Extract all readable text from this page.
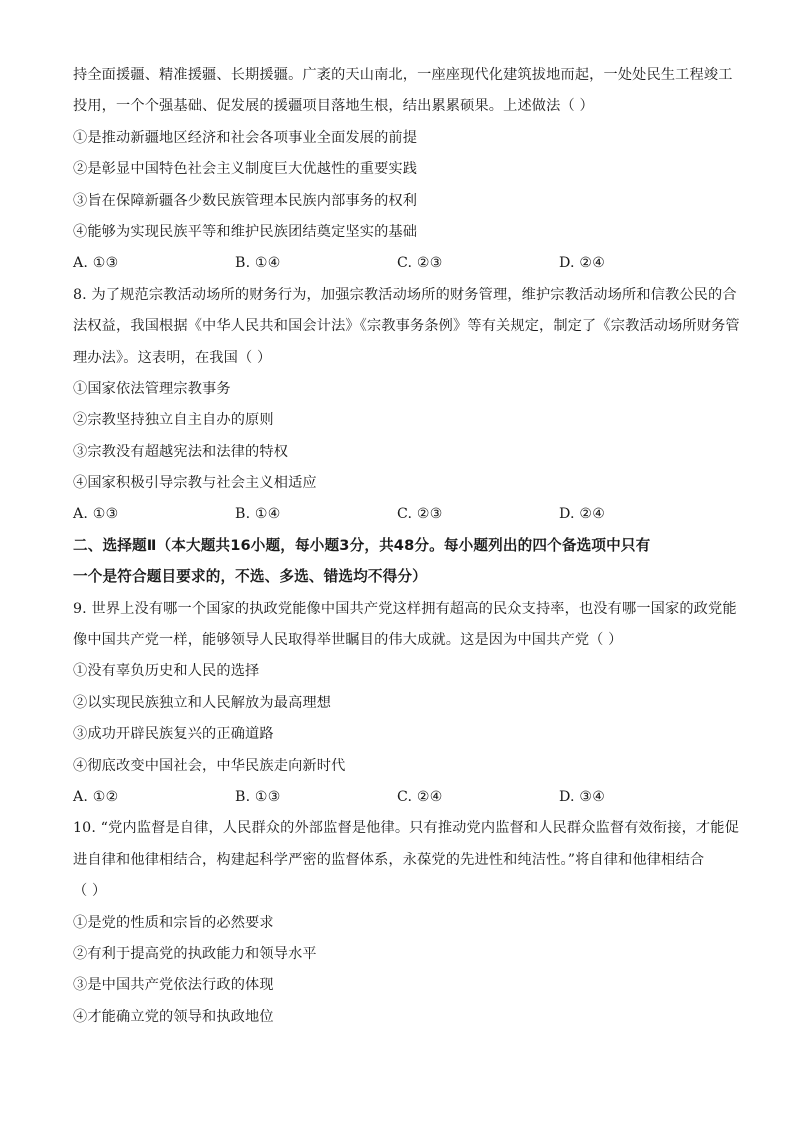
持全面援疆、精准援疆、长期援疆。广袤的天山南北，一座座现代化建筑拔地而起，一处处民生工程竣工
投用，一个个强基础、促发展的援疆项目落地生根，结出累累硕果。上述做法（ ）
①是推动新疆地区经济和社会各项事业全面发展的前提
②是彰显中国特色社会主义制度巨大优越性的重要实践
③旨在保障新疆各少数民族管理本民族内部事务的权利
④能够为实现民族平等和维护民族团结奠定坚实的基础
A. ①③	B. ①④	C. ②③	D. ②④
8. 为了规范宗教活动场所的财务行为，加强宗教活动场所的财务管理，维护宗教活动场所和信教公民的合
法权益，我国根据《中华人民共和国会计法》《宗教事务条例》等有关规定，制定了《宗教活动场所财务管
理办法》。这表明，在我国（ ）
①国家依法管理宗教事务
②宗教坚持独立自主自办的原则
③宗教没有超越宪法和法律的特权
④国家积极引导宗教与社会主义相适应
A. ①③	B. ①④	C. ②③	D. ②④
二、选择题Ⅱ（本大题共16小题，每小题3分，共48分。每小题列出的四个备选项中只有
一个是符合题目要求的，不选、多选、错选均不得分）
9. 世界上没有哪一个国家的执政党能像中国共产党这样拥有超高的民众支持率，也没有哪一国家的政党能
像中国共产党一样，能够领导人民取得举世瞩目的伟大成就。这是因为中国共产党（ ）
①没有辜负历史和人民的选择
②以实现民族独立和人民解放为最高理想
③成功开辟民族复兴的正确道路
④彻底改变中国社会，中华民族走向新时代
A. ①②	B. ①③	C. ②④	D. ③④
10. “党内监督是自律，人民群众的外部监督是他律。只有推动党内监督和人民群众监督有效衔接，才能促
进自律和他律相结合，构建起科学严密的监督体系，永葆党的先进性和纯洁性。”将自律和他律相结合
（ ）
①是党的性质和宗旨的必然要求
②有利于提高党的执政能力和领导水平
③是中国共产党依法行政的体现
④才能确立党的领导和执政地位
